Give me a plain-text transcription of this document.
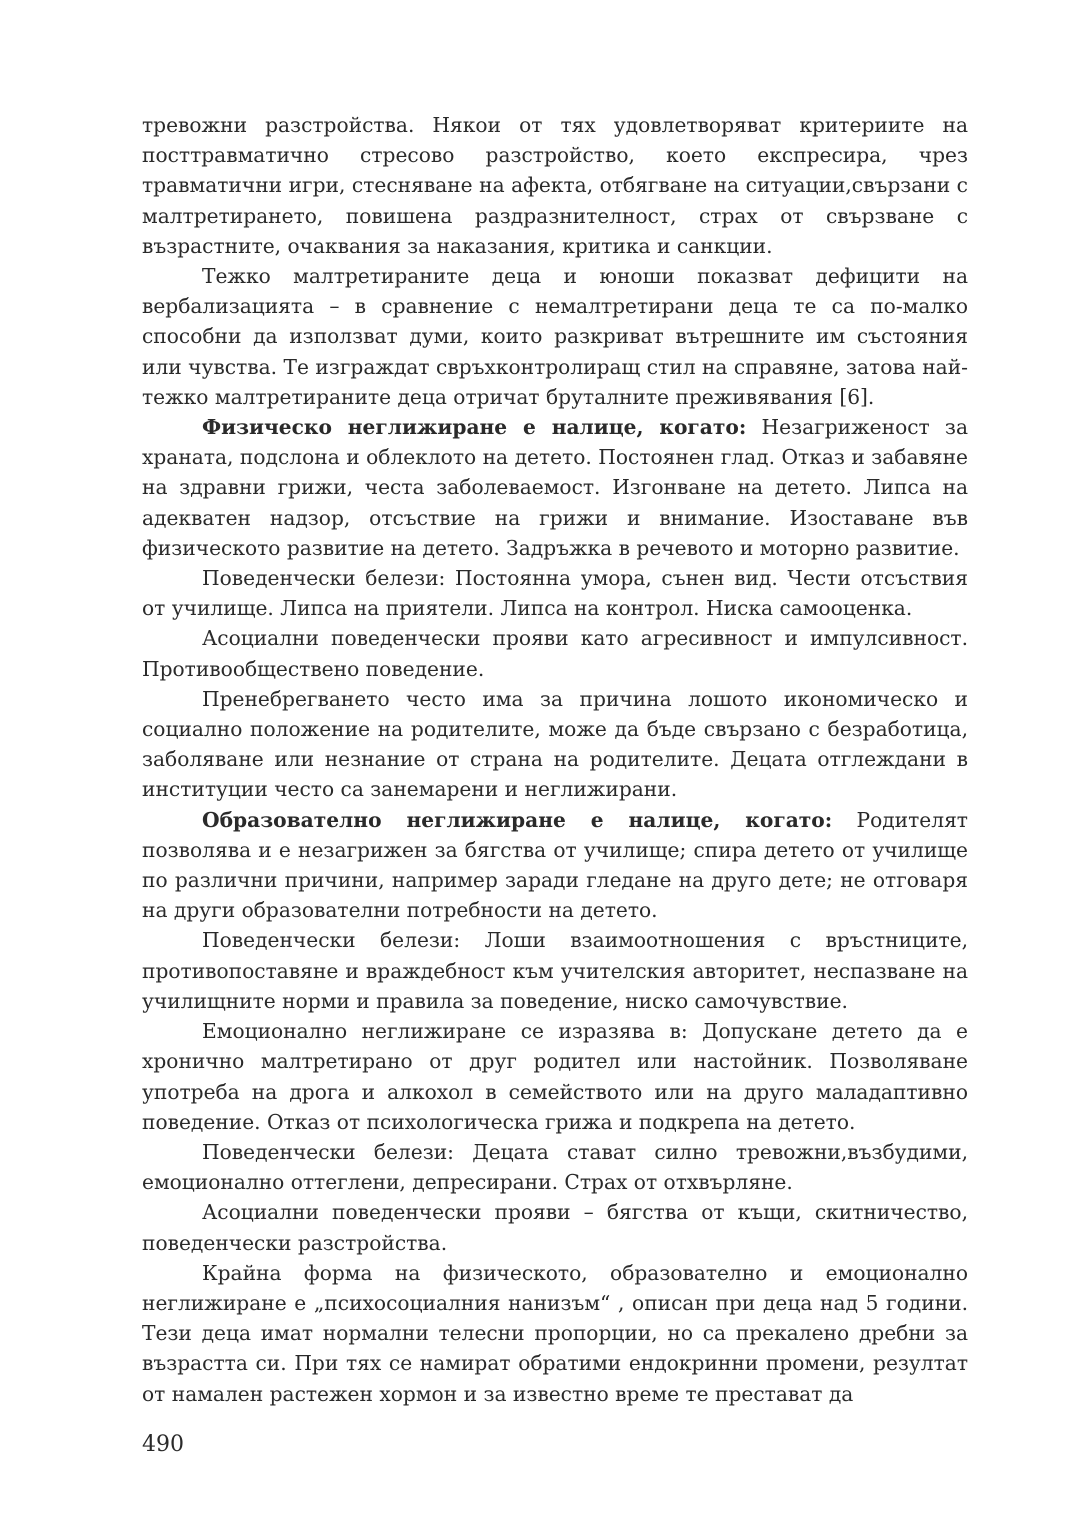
тревожни разстройства. Някои от тях удовлетворяват критериите на посттравматично стресово разстройство, което експресира, чрез травматични игри, стесняване на афекта, отбягване на ситуации,свързани с малтретирането, повишена раздразнителност, страх от свързване с възрастните, очаквания за наказания, критика и санкции.

Тежко малтретираните деца и юноши показват дефицити на вербализацията – в сравнение с немалтретирани деца те са по-малко способни да използват думи, които разкриват вътрешните им състояния или чувства. Те изграждат свръхконтролиращ стил на справяне, затова най-тежко малтретираните деца отричат бруталните преживявания [6].

Физическо неглижиране е налице, когато: Незагриженост за храната, подслона и облеклото на детето. Постоянен глад. Отказ и забавяне на здравни грижи, честа заболеваемост. Изгонване на детето. Липса на адекватен надзор, отсъствие на грижи и внимание. Изоставане във физическото развитие на детето. Задръжка в речевото и моторно развитие.

Поведенчески белези: Постоянна умора, сънен вид. Чести отсъствия от училище. Липса на приятели. Липса на контрол. Ниска самооценка.

Асоциални поведенчески прояви като агресивност и импулсивност. Противообществено поведение.

Пренебрегването често има за причина лошото икономическо и социално положение на родителите, може да бъде свързано с безработица, заболяване или незнание от страна на родителите. Децата отглеждани в институции често са занемарени и неглижирани.

Образователно неглижиране е налице, когато: Родителят позволява и е незагрижен за бягства от училище; спира детето от училище по различни причини, например заради гледане на друго дете; не отговаря на други образователни потребности на детето.

Поведенчески белези: Лоши взаимоотношения с връстниците, противопоставяне и враждебност към учителския авторитет, неспазване на училищните норми и правила за поведение, ниско самочувствие.

Емоционално неглижиране се изразява в: Допускане детето да е хронично малтретирано от друг родител или настойник. Позволяване употреба на дрога и алкохол в семейството или на друго маладаптивно поведение. Отказ от психологическа грижа и подкрепа на детето.

Поведенчески белези: Децата стават силно тревожни,възбудими, емоционално оттеглени, депресирани. Страх от отхвърляне.

Асоциални поведенчески прояви – бягства от къщи, скитничество, поведенчески разстройства.

Крайна форма на физическото, образователно и емоционално неглижиране е „психосоциалния нанизъм“ , описан при деца над 5 години. Тези деца имат нормални телесни пропорции, но са прекалено дребни за възрастта си. При тях се намират обратими ендокринни промени, резултат от намален растежен хормон и за известно време те престават да

490
